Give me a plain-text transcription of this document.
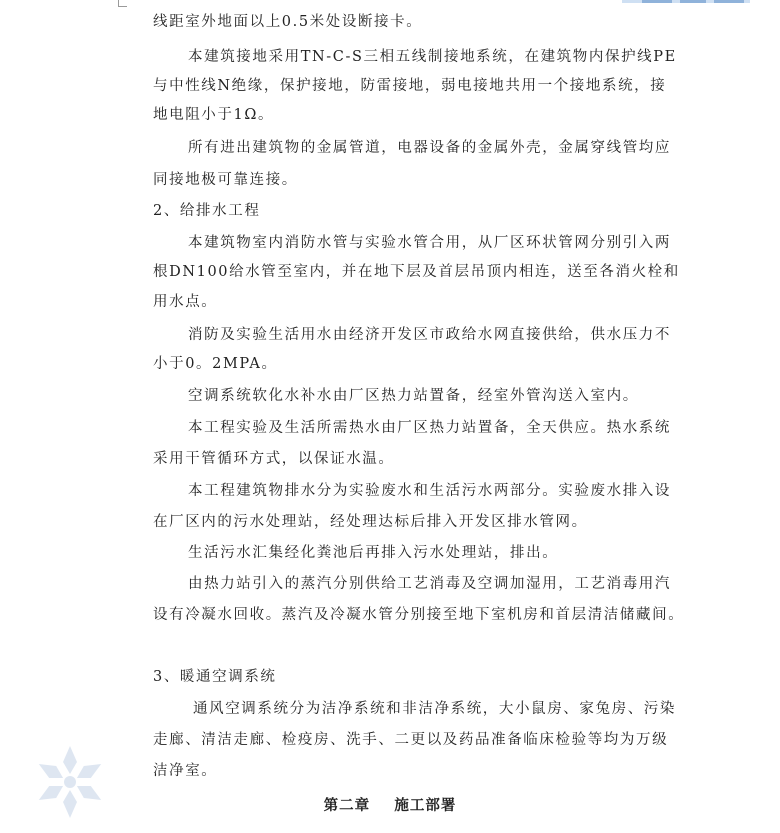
线距室外地面以上0.5米处设断接卡。
本建筑接地采用TN-C-S三相五线制接地系统，在建筑物内保护线PE
与中性线N绝缘，保护接地，防雷接地，弱电接地共用一个接地系统，接
地电阻小于1Ω。
所有进出建筑物的金属管道，电器设备的金属外壳，金属穿线管均应
同接地极可靠连接。
2、给排水工程
本建筑物室内消防水管与实验水管合用，从厂区环状管网分别引入两
根DN100给水管至室内，并在地下层及首层吊顶内相连，送至各消火栓和
用水点。
消防及实验生活用水由经济开发区市政给水网直接供给，供水压力不
小于0。2MPA。
空调系统软化水补水由厂区热力站置备，经室外管沟送入室内。
本工程实验及生活所需热水由厂区热力站置备，全天供应。热水系统
采用干管循环方式，以保证水温。
本工程建筑物排水分为实验废水和生活污水两部分。实验废水排入设
在厂区内的污水处理站，经处理达标后排入开发区排水管网。
生活污水汇集经化粪池后再排入污水处理站，排出。
由热力站引入的蒸汽分别供给工艺消毒及空调加湿用，工艺消毒用汽
设有冷凝水回收。蒸汽及冷凝水管分别接至地下室机房和首层清洁储藏间。
3、暖通空调系统
通风空调系统分为洁净系统和非洁净系统，大小鼠房、家兔房、污染
走廊、清洁走廊、检疫房、洗手、二更以及药品准备临床检验等均为万级
洁净室。
第二章    施工部署
